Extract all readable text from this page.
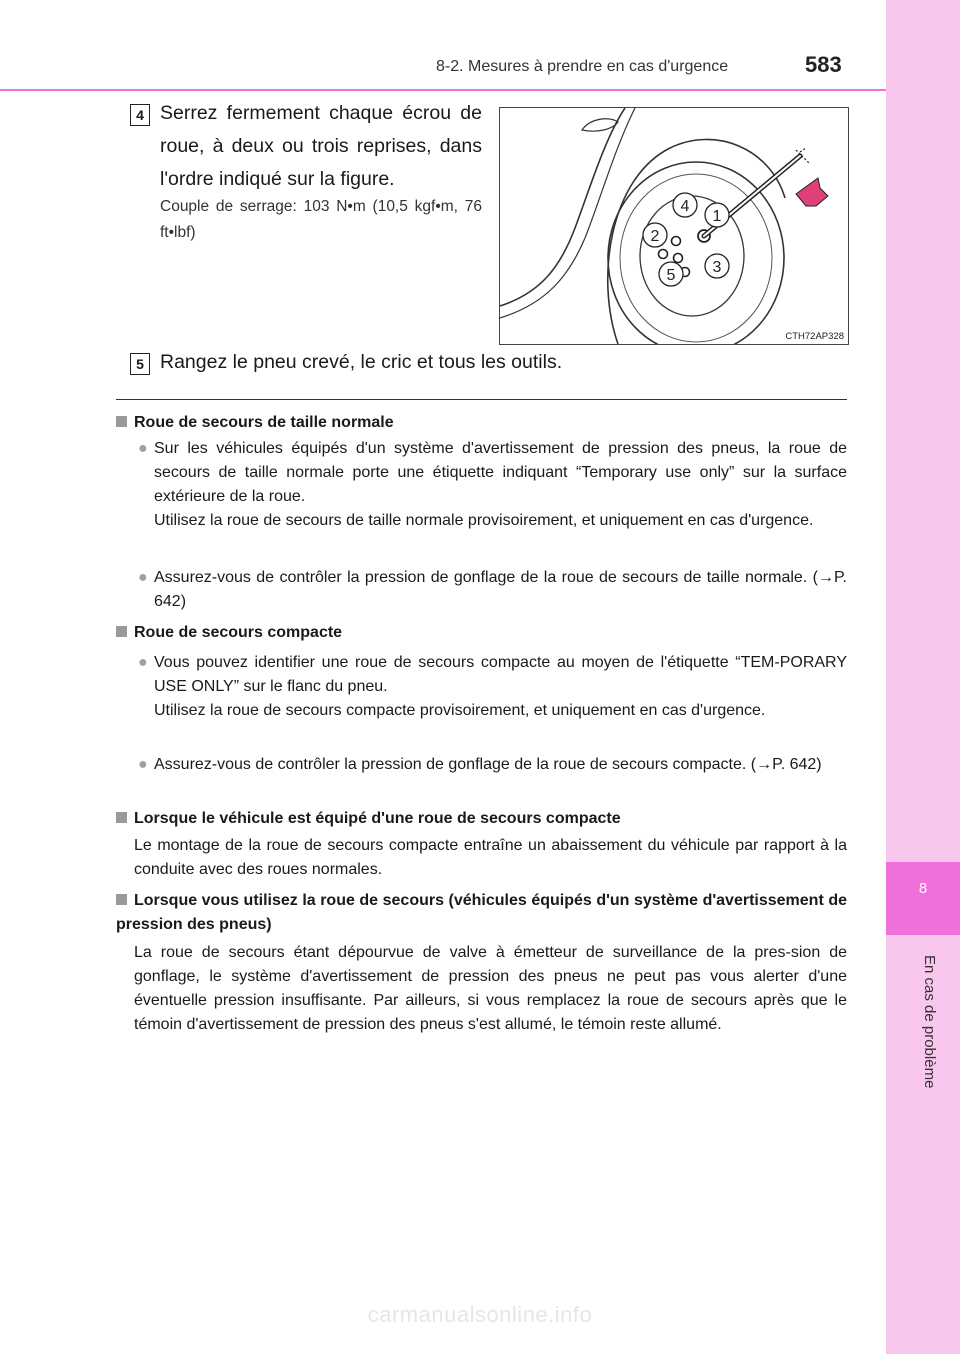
8
En cas de problème
8-2. Mesures à prendre en cas d'urgence	583
4 Serrez fermement chaque écrou de roue, à deux ou trois reprises, dans l'ordre indiqué sur la figure.
Couple de serrage: 103 N•m (10,5 kgf•m, 76 ft•lbf)
1
2
3
4
5
CTH72AP328
5 Rangez le pneu crevé, le cric et tous les outils.
Roue de secours de taille normale
● Sur les véhicules équipés d'un système d'avertissement de pression des pneus, la roue de secours de taille normale porte une étiquette indiquant “Temporary use only” sur la surface extérieure de la roue.

Utilisez la roue de secours de taille normale provisoirement, et uniquement en cas d'urgence.

● Assurez-vous de contrôler la pression de gonflage de la roue de secours de taille normale. (→P. 642)

Roue de secours compacte
● Vous pouvez identifier une roue de secours compacte au moyen de l'étiquette “TEM-PORARY USE ONLY” sur le flanc du pneu.

Utilisez la roue de secours compacte provisoirement, et uniquement en cas d'urgence.

● Assurez-vous de contrôler la pression de gonflage de la roue de secours compacte. (→P. 642)

Lorsque le véhicule est équipé d'une roue de secours compacte
Le montage de la roue de secours compacte entraîne un abaissement du véhicule par rapport à la conduite avec des roues normales.
Lorsque vous utilisez la roue de secours (véhicules équipés d'un système d'avertissement de pression des pneus)
La roue de secours étant dépourvue de valve à émetteur de surveillance de la pres-sion de gonflage, le système d'avertissement de pression des pneus ne peut pas vous alerter d'une éventuelle pression insuffisante. Par ailleurs, si vous remplacez la roue de secours après que le témoin d'avertissement de pression des pneus s'est allumé, le témoin reste allumé.
carmanualsonline.info
